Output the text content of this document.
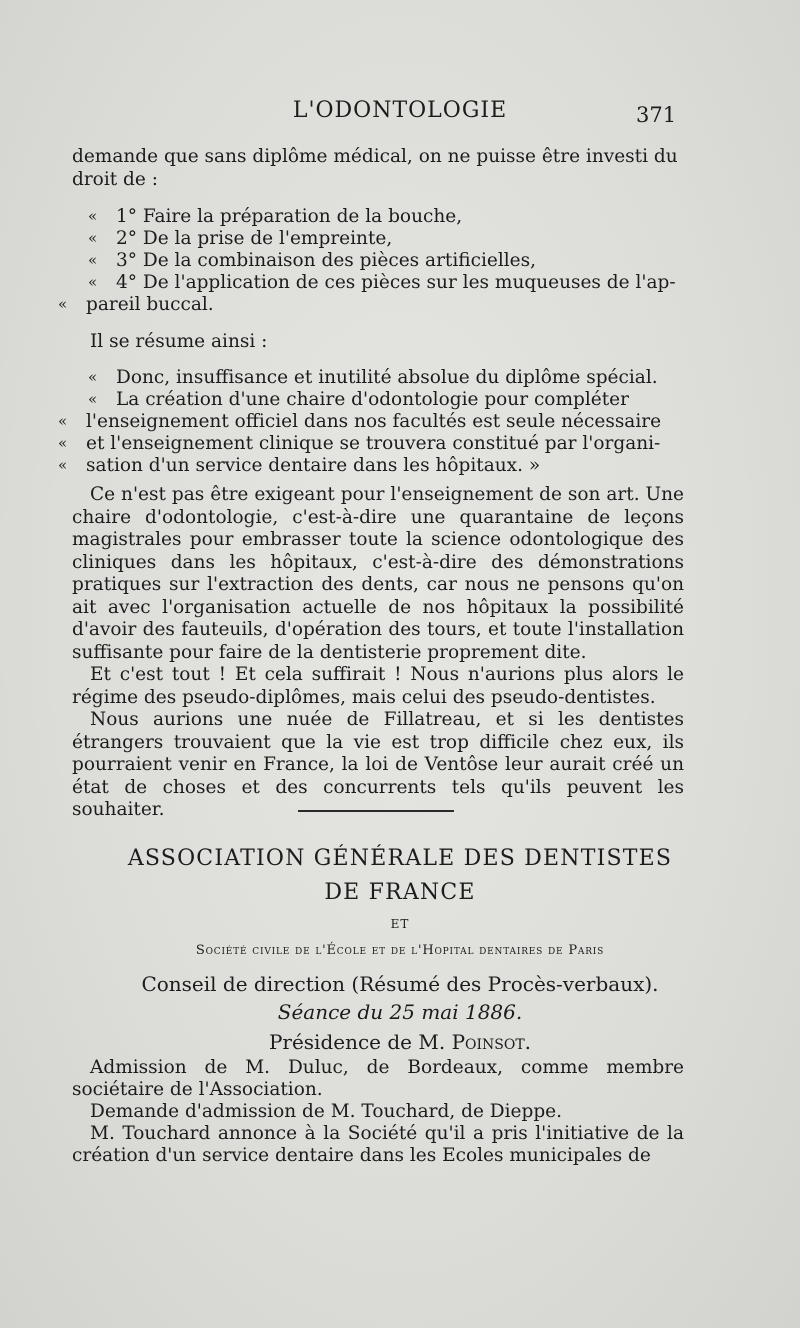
L'ODONTOLOGIE	371

demande que sans diplôme médical, on ne puisse être investi du droit de :

« 1° Faire la préparation de la bouche,
« 2° De la prise de l'empreinte,
« 3° De la combinaison des pièces artificielles,
« 4° De l'application de ces pièces sur les muqueuses de l'ap-
« pareil buccal.

Il se résume ainsi :

« Donc, insuffisance et inutilité absolue du diplôme spécial.
« La création d'une chaire d'odontologie pour compléter
« l'enseignement officiel dans nos facultés est seule nécessaire
« et l'enseignement clinique se trouvera constitué par l'organi-
« sation d'un service dentaire dans les hôpitaux. »

Ce n'est pas être exigeant pour l'enseignement de son art. Une chaire d'odontologie, c'est-à-dire une quarantaine de leçons magistrales pour embrasser toute la science odontologique des cliniques dans les hôpitaux, c'est-à-dire des démonstrations pratiques sur l'extraction des dents, car nous ne pensons qu'on ait avec l'organisation actuelle de nos hôpitaux la possibilité d'avoir des fauteuils, d'opération des tours, et toute l'installation suffisante pour faire de la dentisterie proprement dite.

Et c'est tout ! Et cela suffirait ! Nous n'aurions plus alors le régime des pseudo-diplômes, mais celui des pseudo-dentistes.

Nous aurions une nuée de Fillatreau, et si les dentistes étrangers trouvaient que la vie est trop difficile chez eux, ils pourraient venir en France, la loi de Ventôse leur aurait créé un état de choses et des concurrents tels qu'ils peuvent les souhaiter.

ASSOCIATION GÉNÉRALE DES DENTISTES
DE FRANCE
ET
Société civile de l'École et de l'Hopital dentaires de Paris
Conseil de direction (Résumé des Procès-verbaux).
Séance du 25 mai 1886.
Présidence de M. Poinsot.

Admission de M. Duluc, de Bordeaux, comme membre sociétaire de l'Association.

Demande d'admission de M. Touchard, de Dieppe.

M. Touchard annonce à la Société qu'il a pris l'initiative de la création d'un service dentaire dans les Ecoles municipales de
